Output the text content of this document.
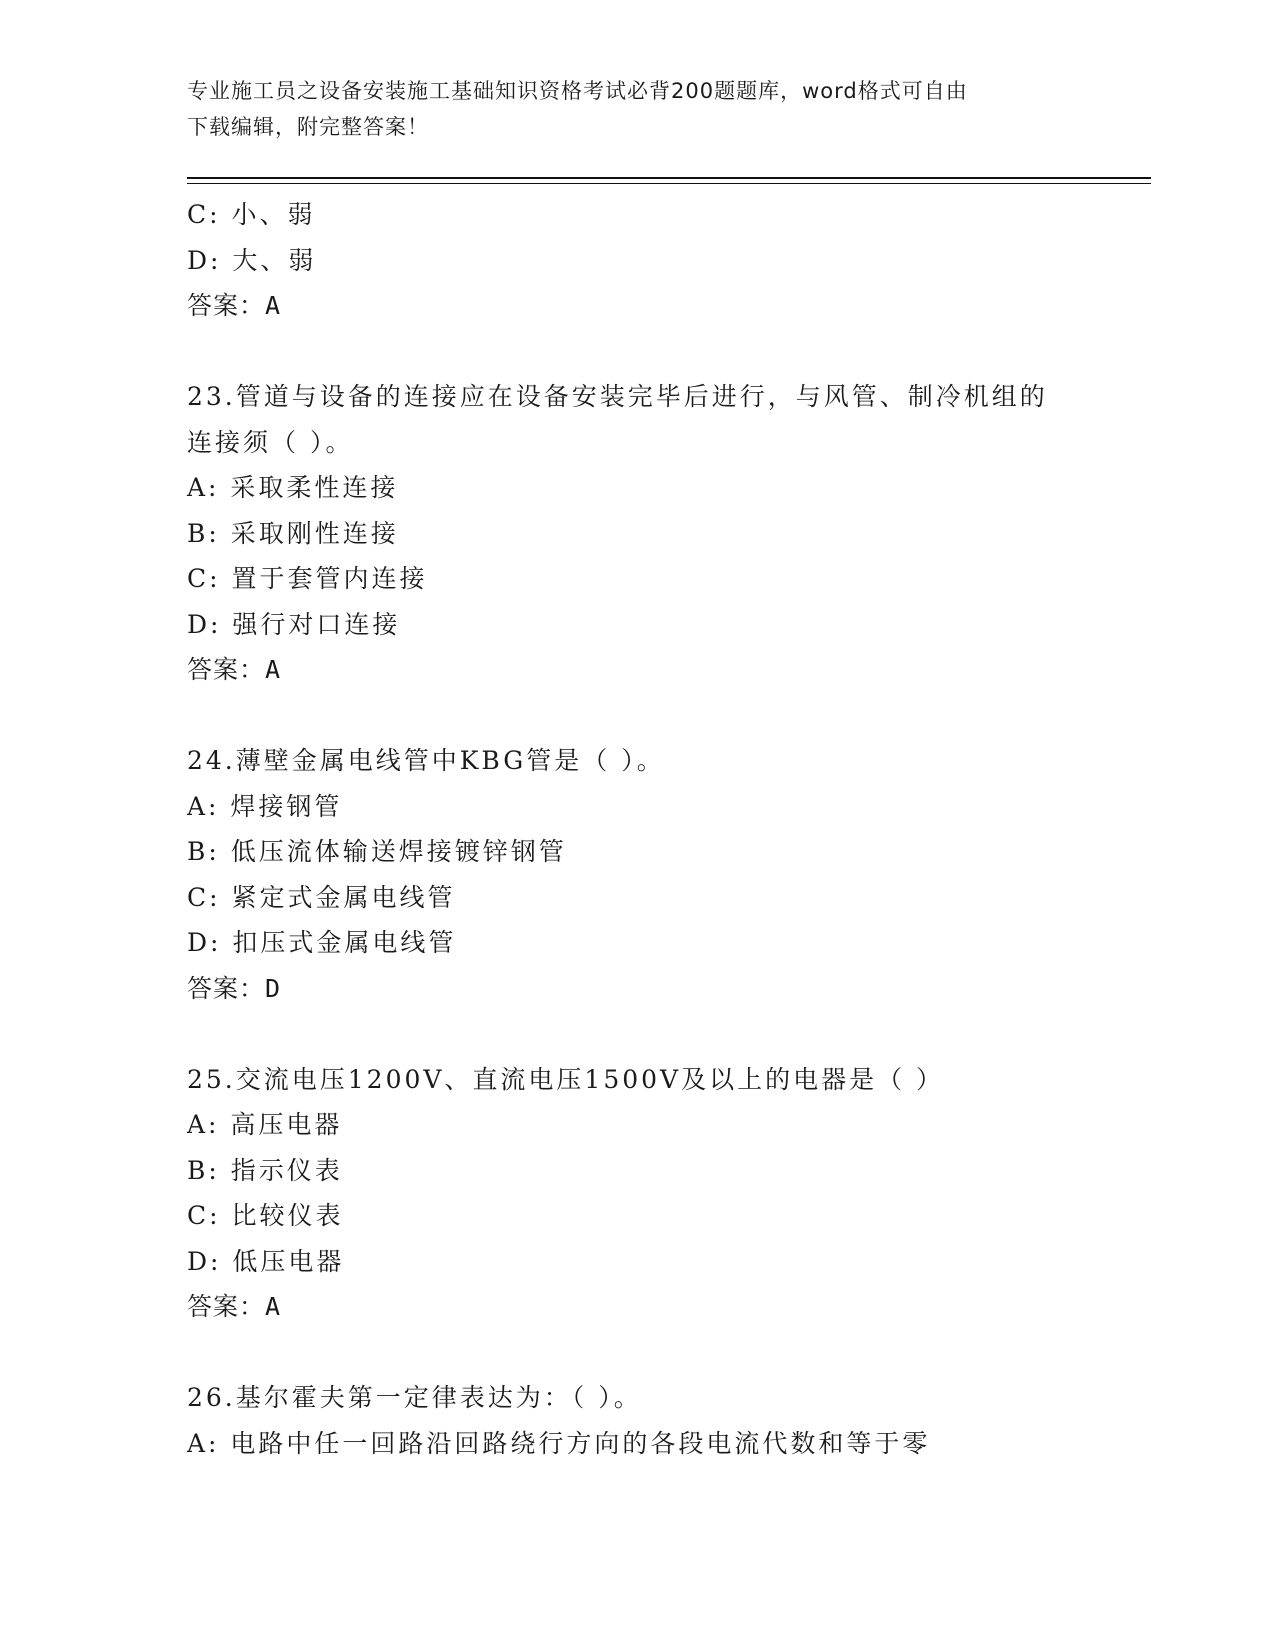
专业施工员之设备安装施工基础知识资格考试必背200题题库，word格式可自由
下载编辑，附完整答案！
C: 小、弱
D: 大、弱
答案：A
23.管道与设备的连接应在设备安装完毕后进行，与风管、制冷机组的
连接须（ ）。
A: 采取柔性连接
B: 采取刚性连接
C: 置于套管内连接
D: 强行对口连接
答案：A
24.薄壁金属电线管中KBG管是（ ）。
A: 焊接钢管
B: 低压流体输送焊接镀锌钢管
C: 紧定式金属电线管
D: 扣压式金属电线管
答案：D
25.交流电压1200V、直流电压1500V及以上的电器是（ ）
A: 高压电器
B: 指示仪表
C: 比较仪表
D: 低压电器
答案：A
26.基尔霍夫第一定律表达为：（ ）。
A: 电路中任一回路沿回路绕行方向的各段电流代数和等于零
